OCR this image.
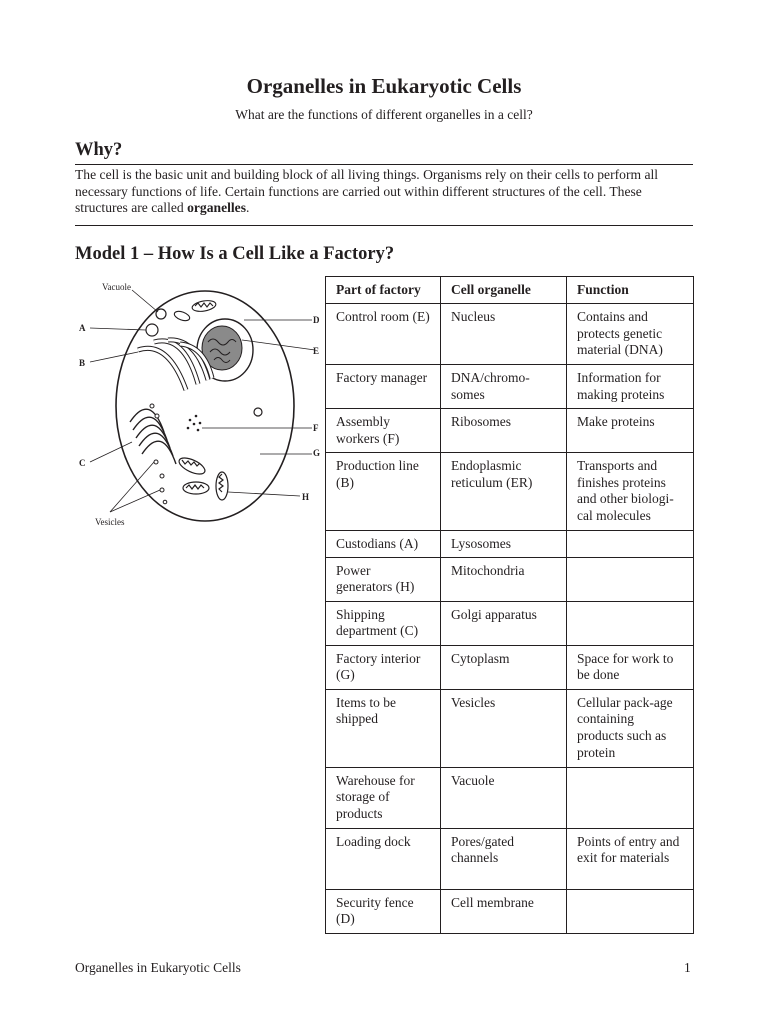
Organelles in Eukaryotic Cells
What are the functions of different organelles in a cell?
Why?
The cell is the basic unit and building block of all living things. Organisms rely on their cells to perform all necessary functions of life. Certain functions are carried out within different structures of the cell. These structures are called organelles.
Model 1 – How Is a Cell Like a Factory?
Vacuole
A
B
C
D
E
F
G
H
Vesicles
Part of factory	Cell organelle	Function
Control room (E)	Nucleus	Contains and protects genetic material (DNA)
Factory manager	DNA/chromo-somes	Information for making proteins
Assembly workers (F)	Ribosomes	Make proteins
Production line (B)	Endoplasmic reticulum (ER)	Transports and finishes proteins and other biologi-cal molecules
Custodians (A)	Lysosomes	
Power generators (H)	Mitochondria	
Shipping department (C)	Golgi apparatus	
Factory interior (G)	Cytoplasm	Space for work to be done
Items to be shipped	Vesicles	Cellular pack-age containing products such as protein
Warehouse for storage of products	Vacuole	
Loading dock	Pores/gated channels	Points of entry and exit for materials
Security fence (D)	Cell membrane	
Organelles in Eukaryotic Cells	1
